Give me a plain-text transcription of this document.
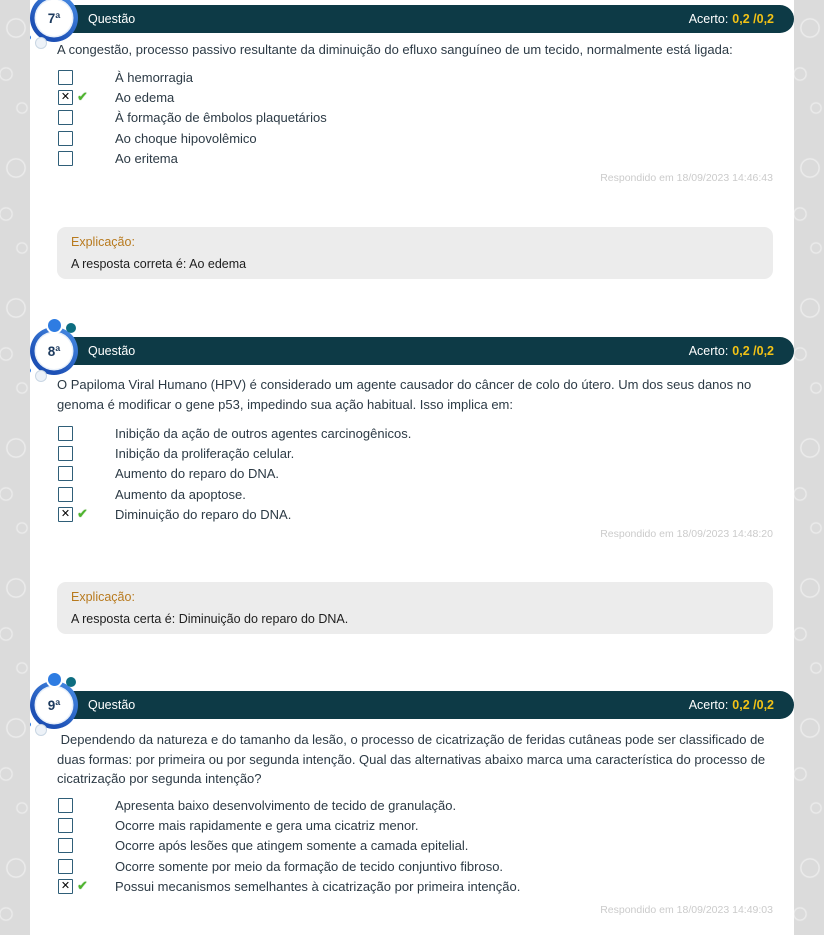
Questão	Acerto: 0,2 /0,2
7ª
A congestão, processo passivo resultante da diminuição do efluxo sanguíneo de um tecido, normalmente está ligada:
À hemorragia
✕
✔
Ao edema
À formação de êmbolos plaquetários
Ao choque hipovolêmico
Ao eritema
Respondido em 18/09/2023 14:46:43
Explicação:
A resposta correta é: Ao edema
Questão	Acerto: 0,2 /0,2
8ª
O Papiloma Viral Humano (HPV) é considerado um agente causador do câncer de colo do útero. Um dos seus danos no genoma é modificar o gene p53, impedindo sua ação habitual. Isso implica em:
Inibição da ação de outros agentes carcinogênicos.
Inibição da proliferação celular.
Aumento do reparo do DNA.
Aumento da apoptose.
✕
✔
Diminuição do reparo do DNA.
Respondido em 18/09/2023 14:48:20
Explicação:
A resposta certa é: Diminuição do reparo do DNA.
Questão	Acerto: 0,2 /0,2
9ª
Dependendo da natureza e do tamanho da lesão, o processo de cicatrização de feridas cutâneas pode ser classificado de duas formas: por primeira ou por segunda intenção. Qual das alternativas abaixo marca uma característica do processo de cicatrização por segunda intenção?
Apresenta baixo desenvolvimento de tecido de granulação.
Ocorre mais rapidamente e gera uma cicatriz menor.
Ocorre após lesões que atingem somente a camada epitelial.
Ocorre somente por meio da formação de tecido conjuntivo fibroso.
✕
✔
Possui mecanismos semelhantes à cicatrização por primeira intenção.
Respondido em 18/09/2023 14:49:03
